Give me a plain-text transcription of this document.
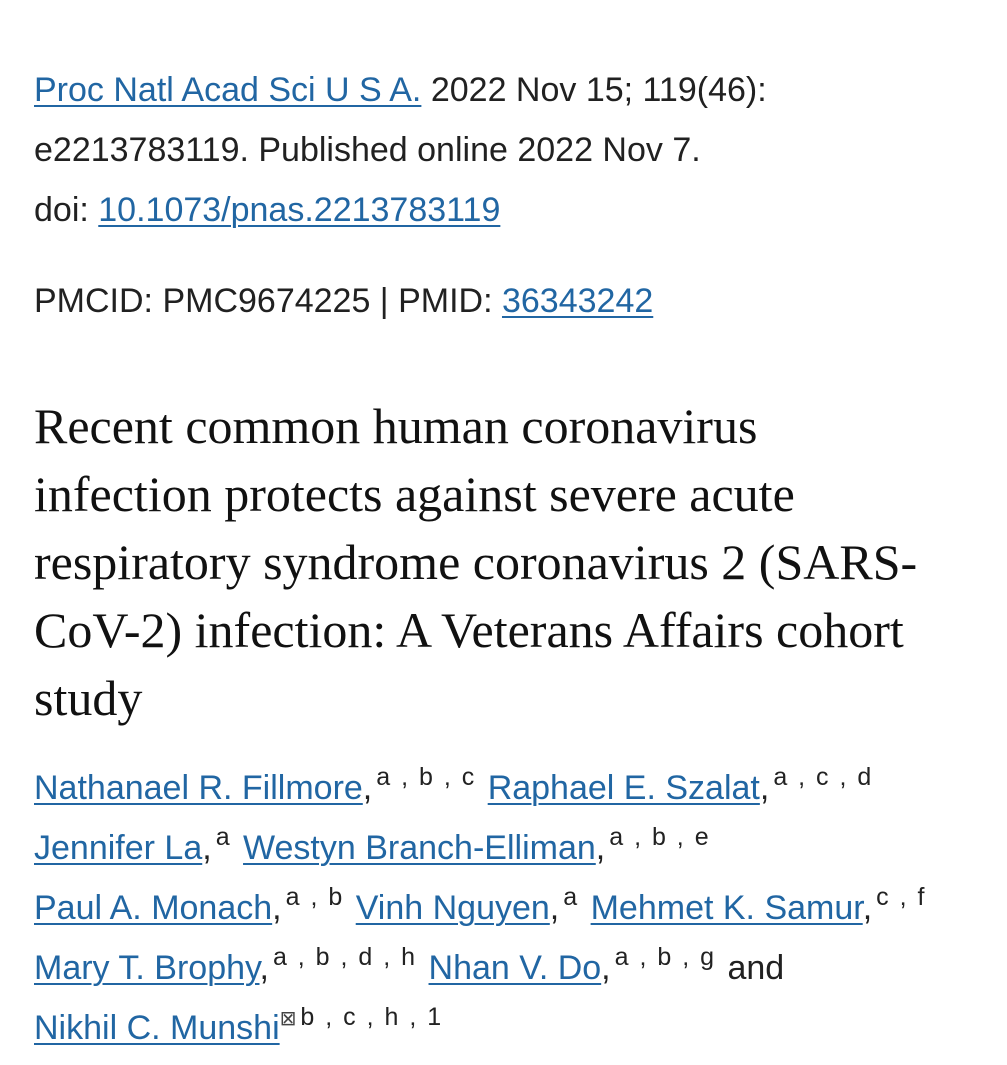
Proc Natl Acad Sci U S A. 2022 Nov 15; 119(46):
e2213783119. Published online 2022 Nov 7.
doi: 10.1073/pnas.2213783119
PMCID: PMC9674225 | PMID: 36343242
Recent common human coronavirus
infection protects against severe acute
respiratory syndrome coronavirus 2 (SARS-
CoV-2) infection: A Veterans Affairs cohort
study
Nathanael R. Fillmore, $^{a , b , c}$ Raphael E. Szalat, $^{a , c , d}$
Jennifer La, $^a$ Westyn Branch-Elliman, $^{a , b , e}$
Paul A. Monach, $^{a , b}$ Vinh Nguyen, $^a$ Mehmet K. Samur, $^{c , f}$
Mary T. Brophy, $^{a , b , d , h}$ Nhan V. Do, $^{a , b , g}$ and
Nikhil C. Munshi⊠ $^{b , c , h , 1}$
